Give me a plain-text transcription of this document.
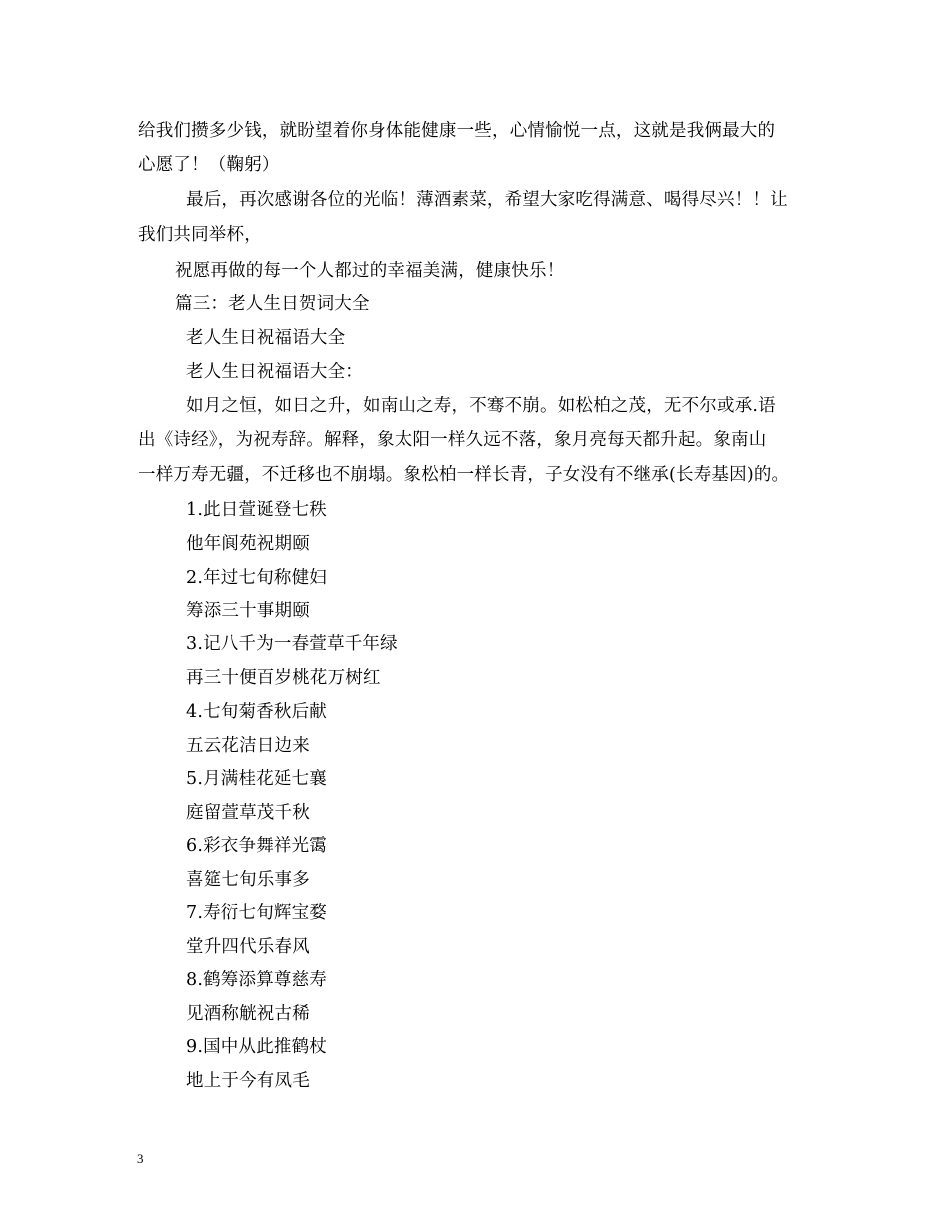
给我们攒多少钱，就盼望着你身体能健康一些，心情愉悦一点，这就是我俩最大的
心愿了！（鞠躬）
最后，再次感谢各位的光临！薄酒素菜，希望大家吃得满意、喝得尽兴！！让
我们共同举杯，
祝愿再做的每一个人都过的幸福美满，健康快乐！
篇三：老人生日贺词大全
老人生日祝福语大全
老人生日祝福语大全：
如月之恒，如日之升，如南山之寿，不骞不崩。如松柏之茂，无不尔或承.语
出《诗经》，为祝寿辞。解释，象太阳一样久远不落，象月亮每天都升起。象南山
一样万寿无疆，不迁移也不崩塌。象松柏一样长青，子女没有不继承(长寿基因)的。
1.此日萱诞登七秩
他年阆苑祝期颐
2.年过七旬称健妇
筹添三十事期颐
3.记八千为一春萱草千年绿
再三十便百岁桃花万树红
4.七旬菊香秋后献
五云花洁日边来
5.月满桂花延七襄
庭留萱草茂千秋
6.彩衣争舞祥光霭
喜筵七旬乐事多
7.寿衍七旬辉宝婺
堂升四代乐春风
8.鹤筹添算尊慈寿
见酒称觥祝古稀
9.国中从此推鹤杖
地上于今有凤毛
3
